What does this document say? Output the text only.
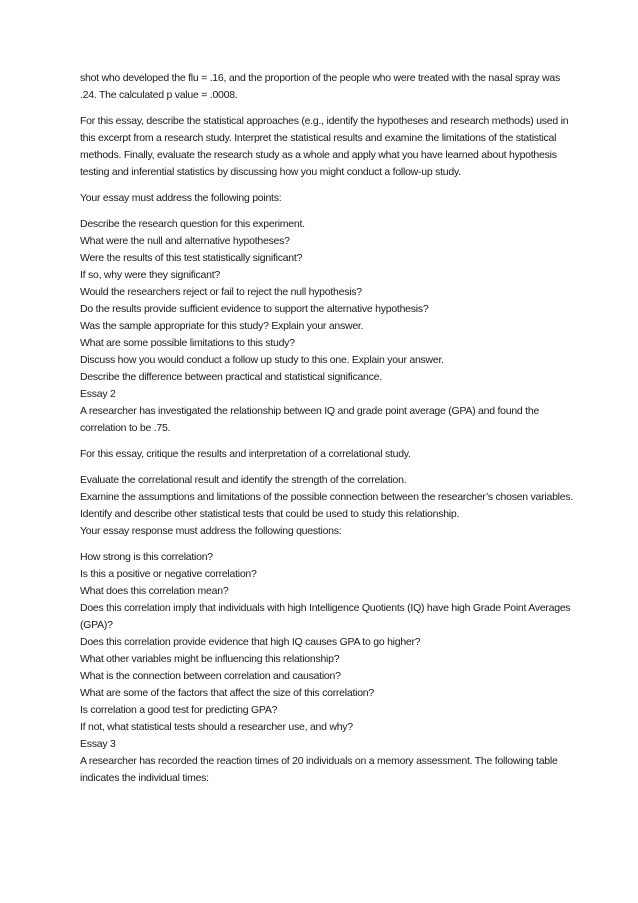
shot who developed the flu = .16, and the proportion of the people who were treated with the nasal spray was .24. The calculated p value = .0008.

For this essay, describe the statistical approaches (e.g., identify the hypotheses and research methods) used in this excerpt from a research study. Interpret the statistical results and examine the limitations of the statistical methods. Finally, evaluate the research study as a whole and apply what you have learned about hypothesis testing and inferential statistics by discussing how you might conduct a follow-up study.

Your essay must address the following points:

Describe the research question for this experiment.

What were the null and alternative hypotheses?

Were the results of this test statistically significant?

If so, why were they significant?

Would the researchers reject or fail to reject the null hypothesis?

Do the results provide sufficient evidence to support the alternative hypothesis?

Was the sample appropriate for this study? Explain your answer.

What are some possible limitations to this study?

Discuss how you would conduct a follow up study to this one. Explain your answer.

Describe the difference between practical and statistical significance.

Essay 2

A researcher has investigated the relationship between IQ and grade point average (GPA) and found the correlation to be .75.

For this essay, critique the results and interpretation of a correlational study.

Evaluate the correlational result and identify the strength of the correlation.

Examine the assumptions and limitations of the possible connection between the researcher’s chosen variables.

Identify and describe other statistical tests that could be used to study this relationship.

Your essay response must address the following questions:

How strong is this correlation?

Is this a positive or negative correlation?

What does this correlation mean?

Does this correlation imply that individuals with high Intelligence Quotients (IQ) have high Grade Point Averages (GPA)?

Does this correlation provide evidence that high IQ causes GPA to go higher?

What other variables might be influencing this relationship?

What is the connection between correlation and causation?

What are some of the factors that affect the size of this correlation?

Is correlation a good test for predicting GPA?

If not, what statistical tests should a researcher use, and why?

Essay 3

A researcher has recorded the reaction times of 20 individuals on a memory assessment. The following table indicates the individual times:
